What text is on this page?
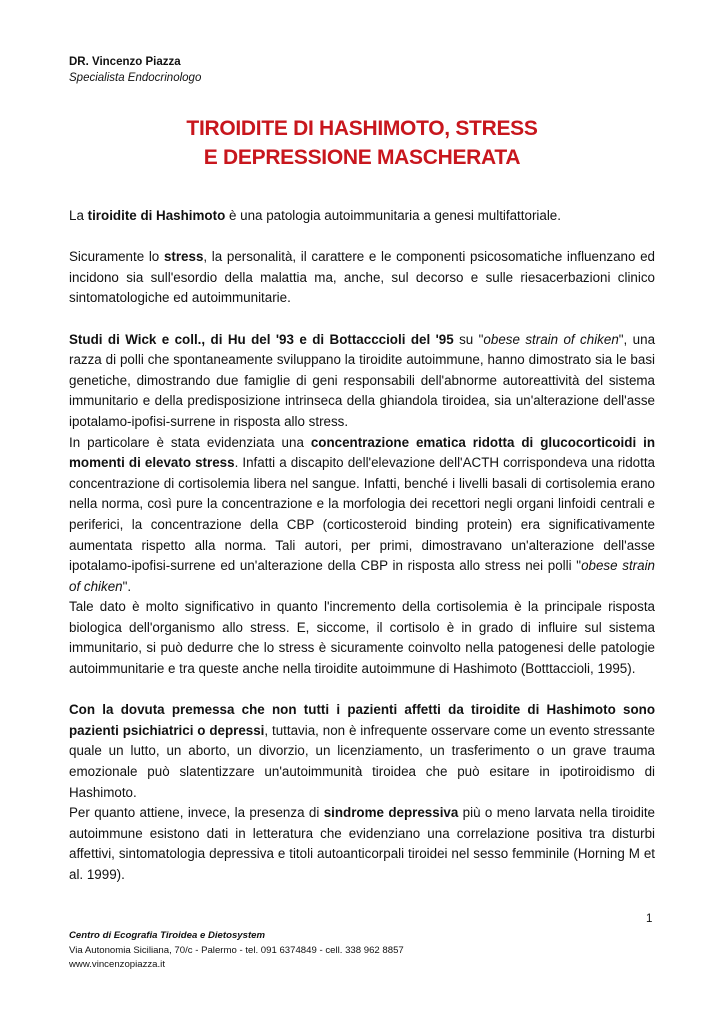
DR. Vincenzo Piazza
Specialista Endocrinologo
TIROIDITE DI HASHIMOTO, STRESS
E DEPRESSIONE MASCHERATA

La tiroidite di Hashimoto è una patologia autoimmunitaria a genesi multifattoriale.

Sicuramente lo stress, la personalità, il carattere e le componenti psicosomatiche influenzano ed incidono sia sull'esordio della malattia ma, anche, sul decorso e sulle riesacerbazioni clinico sintomatologiche ed autoimmunitarie.

Studi di Wick e coll., di Hu del '93 e di Bottacccioli del '95 su "obese strain of chiken", una razza di polli che spontaneamente sviluppano la tiroidite autoimmune, hanno dimostrato sia le basi genetiche, dimostrando due famiglie di geni responsabili dell'abnorme autoreattività del sistema immunitario e della predisposizione intrinseca della ghiandola tiroidea, sia un'alterazione dell'asse ipotalamo-ipofisi-surrene in risposta allo stress.

In particolare è stata evidenziata una concentrazione ematica ridotta di glucocorticoidi in momenti di elevato stress. Infatti a discapito dell'elevazione dell'ACTH corrispondeva una ridotta concentrazione di cortisolemia libera nel sangue. Infatti, benché i livelli basali di cortisolemia erano nella norma, così pure la concentrazione e la morfologia dei recettori negli organi linfoidi centrali e periferici, la concentrazione della CBP (corticosteroid binding protein) era significativamente aumentata rispetto alla norma. Tali autori, per primi, dimostravano un'alterazione dell'asse ipotalamo-ipofisi-surrene ed un'alterazione della CBP in risposta allo stress nei polli "obese strain of chiken".

Tale dato è molto significativo in quanto l'incremento della cortisolemia è la principale risposta biologica dell'organismo allo stress. E, siccome, il cortisolo è in grado di influire sul sistema immunitario, si può dedurre che lo stress è sicuramente coinvolto nella patogenesi delle patologie autoimmunitarie e tra queste anche nella tiroidite autoimmune di Hashimoto (Botttaccioli, 1995).

Con la dovuta premessa che non tutti i pazienti affetti da tiroidite di Hashimoto sono pazienti psichiatrici o depressi, tuttavia, non è infrequente osservare come un evento stressante quale un lutto, un aborto, un divorzio, un licenziamento, un trasferimento o un grave trauma emozionale può slatentizzare un'autoimmunità tiroidea che può esitare in ipotiroidismo di Hashimoto.

Per quanto attiene, invece, la presenza di sindrome depressiva più o meno larvata nella tiroidite autoimmune esistono dati in letteratura che evidenziano una correlazione positiva tra disturbi affettivi, sintomatologia depressiva e titoli autoanticorpali tiroidei nel sesso femminile (Horning M et al. 1999).

1
Centro di Ecografia Tiroidea e Dietosystem
Via Autonomia Siciliana, 70/c - Palermo - tel. 091 6374849 - cell. 338 962 8857
www.vincenzopiazza.it
